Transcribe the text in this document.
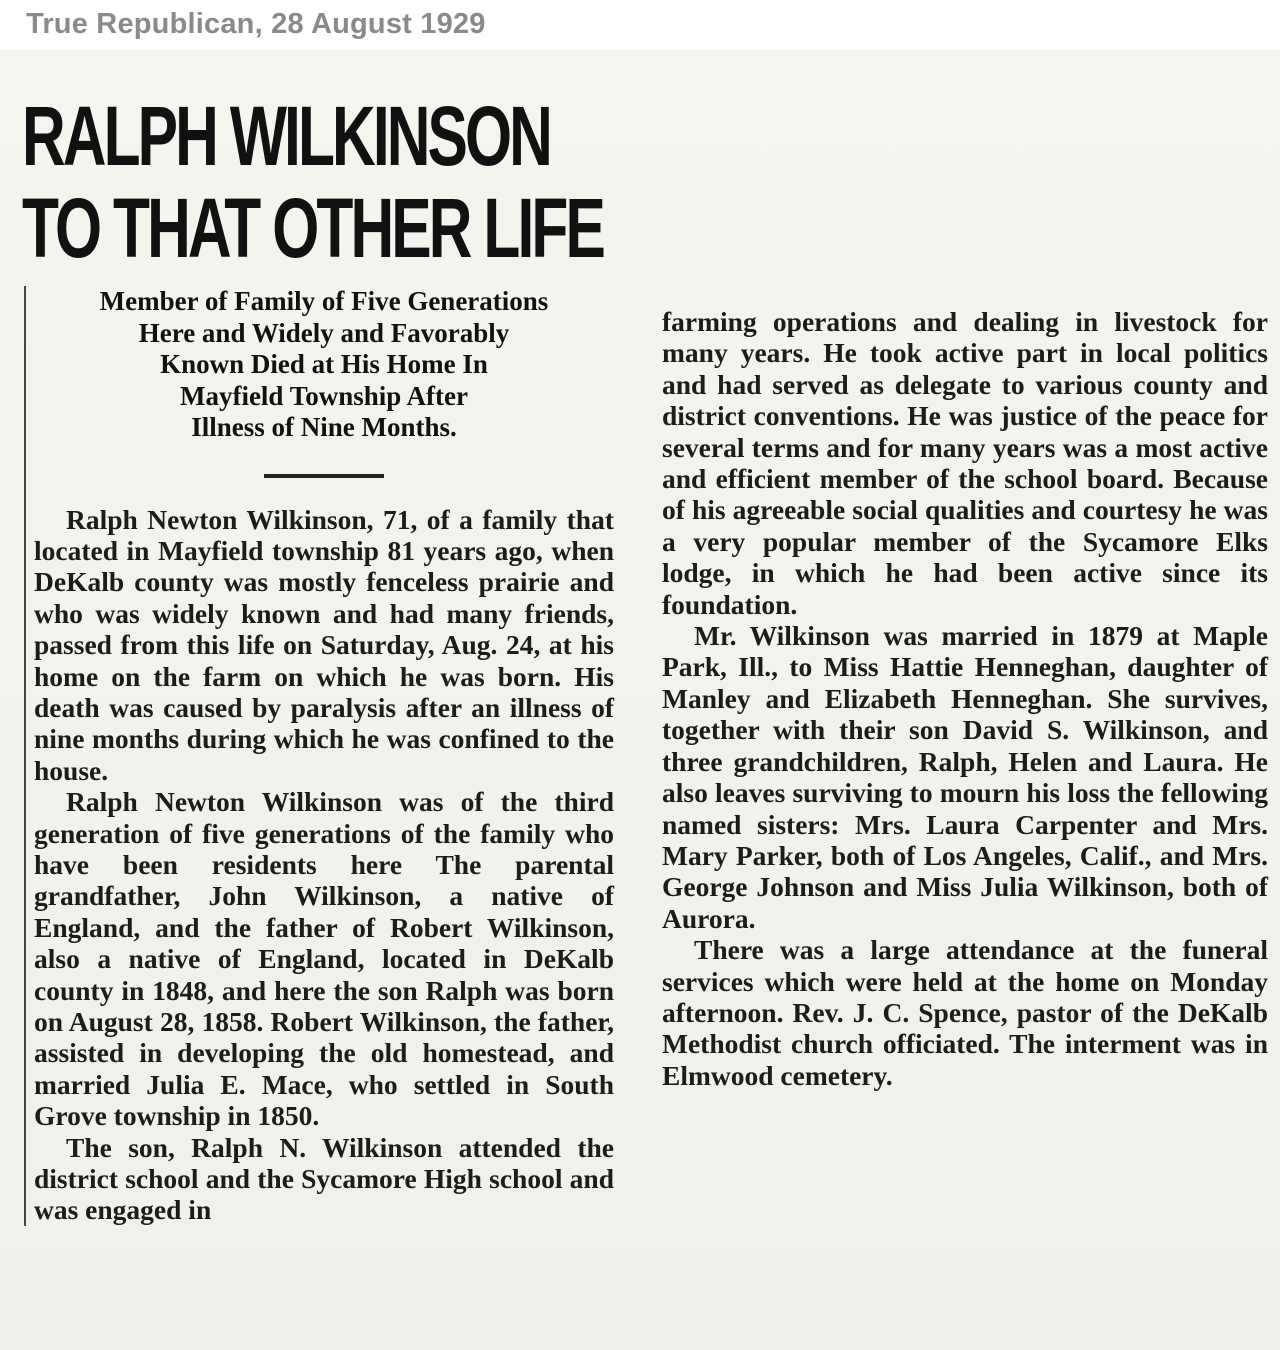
True Republican, 28 August 1929
RALPH WILKINSON
TO THAT OTHER LIFE
Member of Family of Five Generations
Here and Widely and Favorably
Known Died at His Home In
Mayfield Township After
Illness of Nine Months.

Ralph Newton Wilkinson, 71, of a family that located in Mayfield township 81 years ago, when DeKalb county was mostly fenceless prairie and who was widely known and had many friends, passed from this life on Saturday, Aug. 24, at his home on the farm on which he was born. His death was caused by paralysis after an illness of nine months during which he was confined to the house.

Ralph Newton Wilkinson was of the third generation of five generations of the family who have been residents here The parental grandfather, John Wilkinson, a native of England, and the father of Robert Wilkinson, also a native of England, located in DeKalb county in 1848, and here the son Ralph was born on August 28, 1858. Robert Wilkinson, the father, assisted in developing the old homestead, and married Julia E. Mace, who settled in South Grove township in 1850.

The son, Ralph N. Wilkinson attended the district school and the Sycamore High school and was engaged in

farming operations and dealing in livestock for many years. He took active part in local politics and had served as delegate to various county and district conventions. He was justice of the peace for several terms and for many years was a most active and efficient member of the school board. Because of his agreeable social qualities and courtesy he was a very popular member of the Sycamore Elks lodge, in which he had been active since its foundation.

Mr. Wilkinson was married in 1879 at Maple Park, Ill., to Miss Hattie Henneghan, daughter of Manley and Elizabeth Henneghan. She survives, together with their son David S. Wilkinson, and three grandchildren, Ralph, Helen and Laura. He also leaves surviving to mourn his loss the fellowing named sisters: Mrs. Laura Carpenter and Mrs. Mary Parker, both of Los Angeles, Calif., and Mrs. George Johnson and Miss Julia Wilkinson, both of Aurora.

There was a large attendance at the funeral services which were held at the home on Monday afternoon. Rev. J. C. Spence, pastor of the DeKalb Methodist church officiated. The interment was in Elmwood cemetery.
